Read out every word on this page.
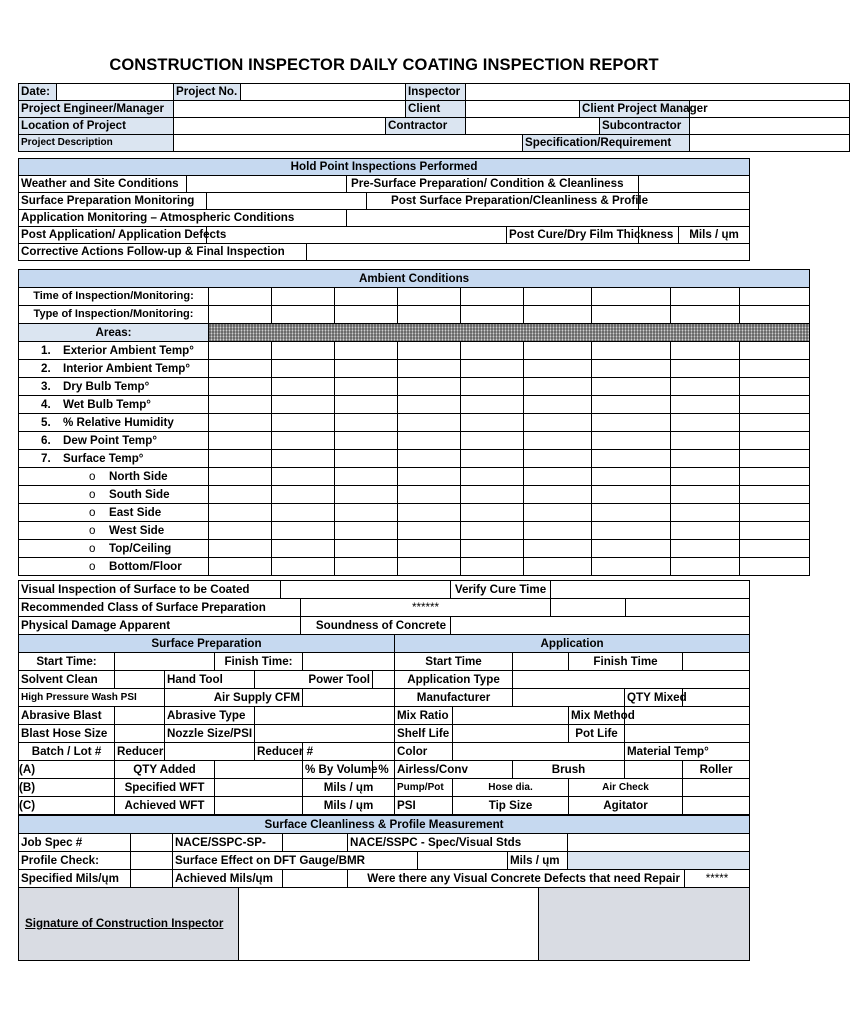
CONSTRUCTION INSPECTOR DAILY COATING INSPECTION REPORT
Date:		Project No.			Inspector					
Project Engineer/Manager					Client			Client Project Manager		
Location of Project				Contractor					Subcontractor	
Project Description							Specification/Requirement			
Hold Point Inspections Performed								
Weather and Site Conditions				Pre-Surface Preparation/ Condition & Cleanliness				
Surface Preparation Monitoring					Post Surface Preparation/Cleanliness & Profile			
Application Monitoring – Atmospheric Conditions								
Post Application/ Application Defects						Post Cure/Dry Film Thickness		Mils / ųm
Corrective Actions Follow-up & Final Inspection								
Ambient Conditions									
Time of Inspection/Monitoring:									
Type of Inspection/Monitoring:									
Areas:									
1. Exterior Ambient Temp°									
2. Interior Ambient Temp°									
3. Dry Bulb Temp°									
4. Wet Bulb Temp°									
5. % Relative Humidity									
6. Dew Point Temp°									
7. Surface Temp°									
o North Side									
o South Side									
o East Side									
o West Side									
o Top/Ceiling									
o Bottom/Floor									
Visual Inspection of Surface to be Coated			Verify Cure Time		
Recommended Class of Surface Preparation		******			
Physical Damage Apparent		Soundness of Concrete			
Surface Preparation							Application					
Start Time:			Finish Time:				Start Time			Finish Time		
Solvent Clean		Hand Tool		Power Tool			Application Type					
High Pressure Wash PSI		Air Supply CFM					Manufacturer				QTY Mixed	
Abrasive Blast		Abrasive Type					Mix Ratio			Mix Method		
Blast Hose Size		Nozzle Size/PSI					Shelf Life			Pot Life		
Batch / Lot #	Reducer			Reducer #			Color				Material Temp°	
(A)	QTY Added				% By Volume	%	Airless/Conv		Brush			Roller
(B)	Specified WFT				Mils / ųm		Pump/Pot	Hose dia.		Air Check		
(C)	Achieved WFT				Mils / ųm		PSI	Tip Size		Agitator		
Surface Cleanliness & Profile Measurement								
Job Spec #		NACE/SSPC-SP-		NACE/SSPC - Spec/Visual Stds				
Profile Check:		Surface Effect on DFT Gauge/BMR				Mils / ųm		
Specified Mils/ųm		Achieved Mils/ųm		Were there any Visual Concrete Defects that need Repair				*****
Signature of Construction Inspector		
